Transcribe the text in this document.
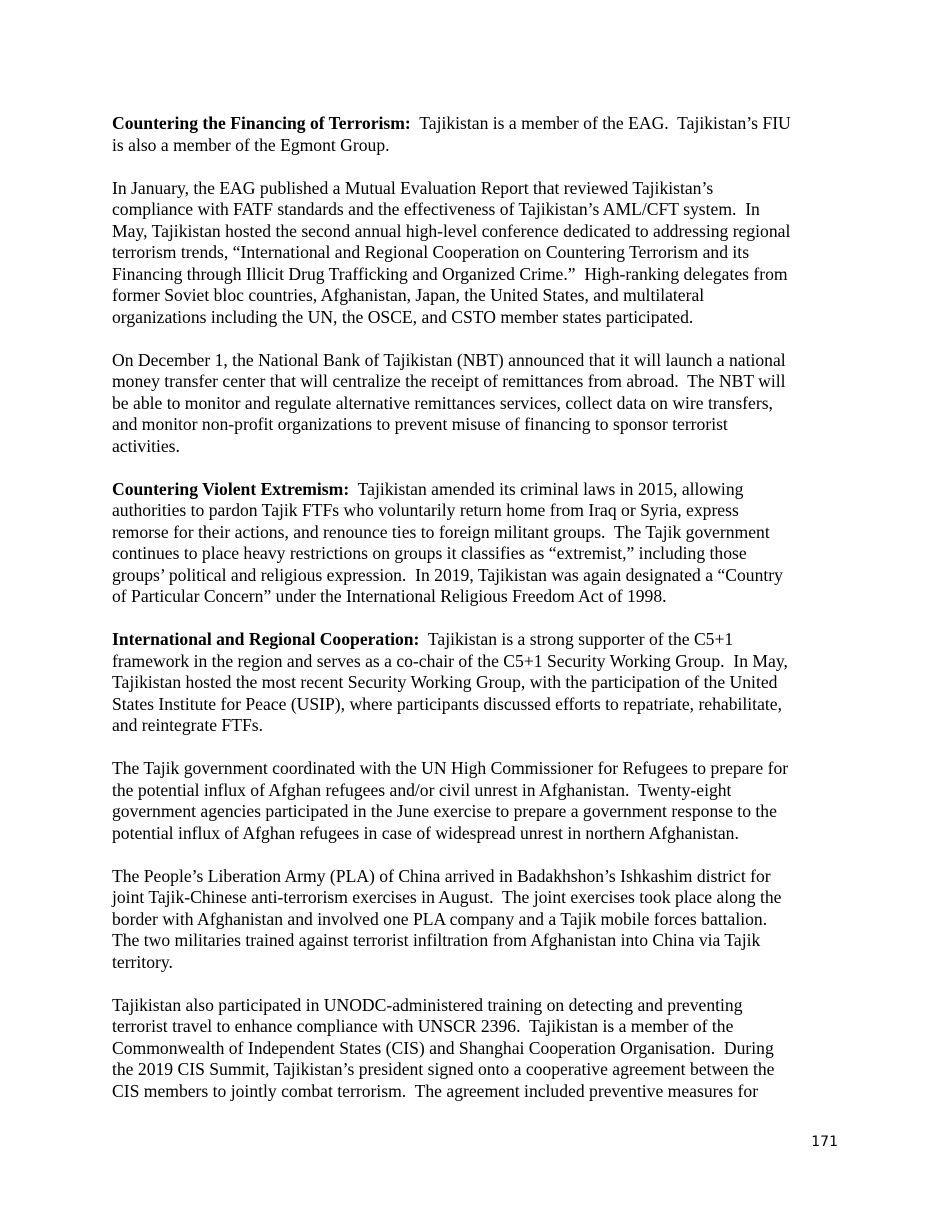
Countering the Financing of Terrorism:  Tajikistan is a member of the EAG.  Tajikistan’s FIU
is also a member of the Egmont Group.

In January, the EAG published a Mutual Evaluation Report that reviewed Tajikistan’s
compliance with FATF standards and the effectiveness of Tajikistan’s AML/CFT system.  In
May, Tajikistan hosted the second annual high-level conference dedicated to addressing regional
terrorism trends, “International and Regional Cooperation on Countering Terrorism and its
Financing through Illicit Drug Trafficking and Organized Crime.”  High-ranking delegates from
former Soviet bloc countries, Afghanistan, Japan, the United States, and multilateral
organizations including the UN, the OSCE, and CSTO member states participated.

On December 1, the National Bank of Tajikistan (NBT) announced that it will launch a national
money transfer center that will centralize the receipt of remittances from abroad.  The NBT will
be able to monitor and regulate alternative remittances services, collect data on wire transfers,
and monitor non-profit organizations to prevent misuse of financing to sponsor terrorist
activities.

Countering Violent Extremism:  Tajikistan amended its criminal laws in 2015, allowing
authorities to pardon Tajik FTFs who voluntarily return home from Iraq or Syria, express
remorse for their actions, and renounce ties to foreign militant groups.  The Tajik government
continues to place heavy restrictions on groups it classifies as “extremist,” including those
groups’ political and religious expression.  In 2019, Tajikistan was again designated a “Country
of Particular Concern” under the International Religious Freedom Act of 1998.

International and Regional Cooperation:  Tajikistan is a strong supporter of the C5+1
framework in the region and serves as a co-chair of the C5+1 Security Working Group.  In May,
Tajikistan hosted the most recent Security Working Group, with the participation of the United
States Institute for Peace (USIP), where participants discussed efforts to repatriate, rehabilitate,
and reintegrate FTFs.

The Tajik government coordinated with the UN High Commissioner for Refugees to prepare for
the potential influx of Afghan refugees and/or civil unrest in Afghanistan.  Twenty-eight
government agencies participated in the June exercise to prepare a government response to the
potential influx of Afghan refugees in case of widespread unrest in northern Afghanistan.

The People’s Liberation Army (PLA) of China arrived in Badakhshon’s Ishkashim district for
joint Tajik-Chinese anti-terrorism exercises in August.  The joint exercises took place along the
border with Afghanistan and involved one PLA company and a Tajik mobile forces battalion.
The two militaries trained against terrorist infiltration from Afghanistan into China via Tajik
territory.

Tajikistan also participated in UNODC-administered training on detecting and preventing
terrorist travel to enhance compliance with UNSCR 2396.  Tajikistan is a member of the
Commonwealth of Independent States (CIS) and Shanghai Cooperation Organisation.  During
the 2019 CIS Summit, Tajikistan’s president signed onto a cooperative agreement between the
CIS members to jointly combat terrorism.  The agreement included preventive measures for

171
